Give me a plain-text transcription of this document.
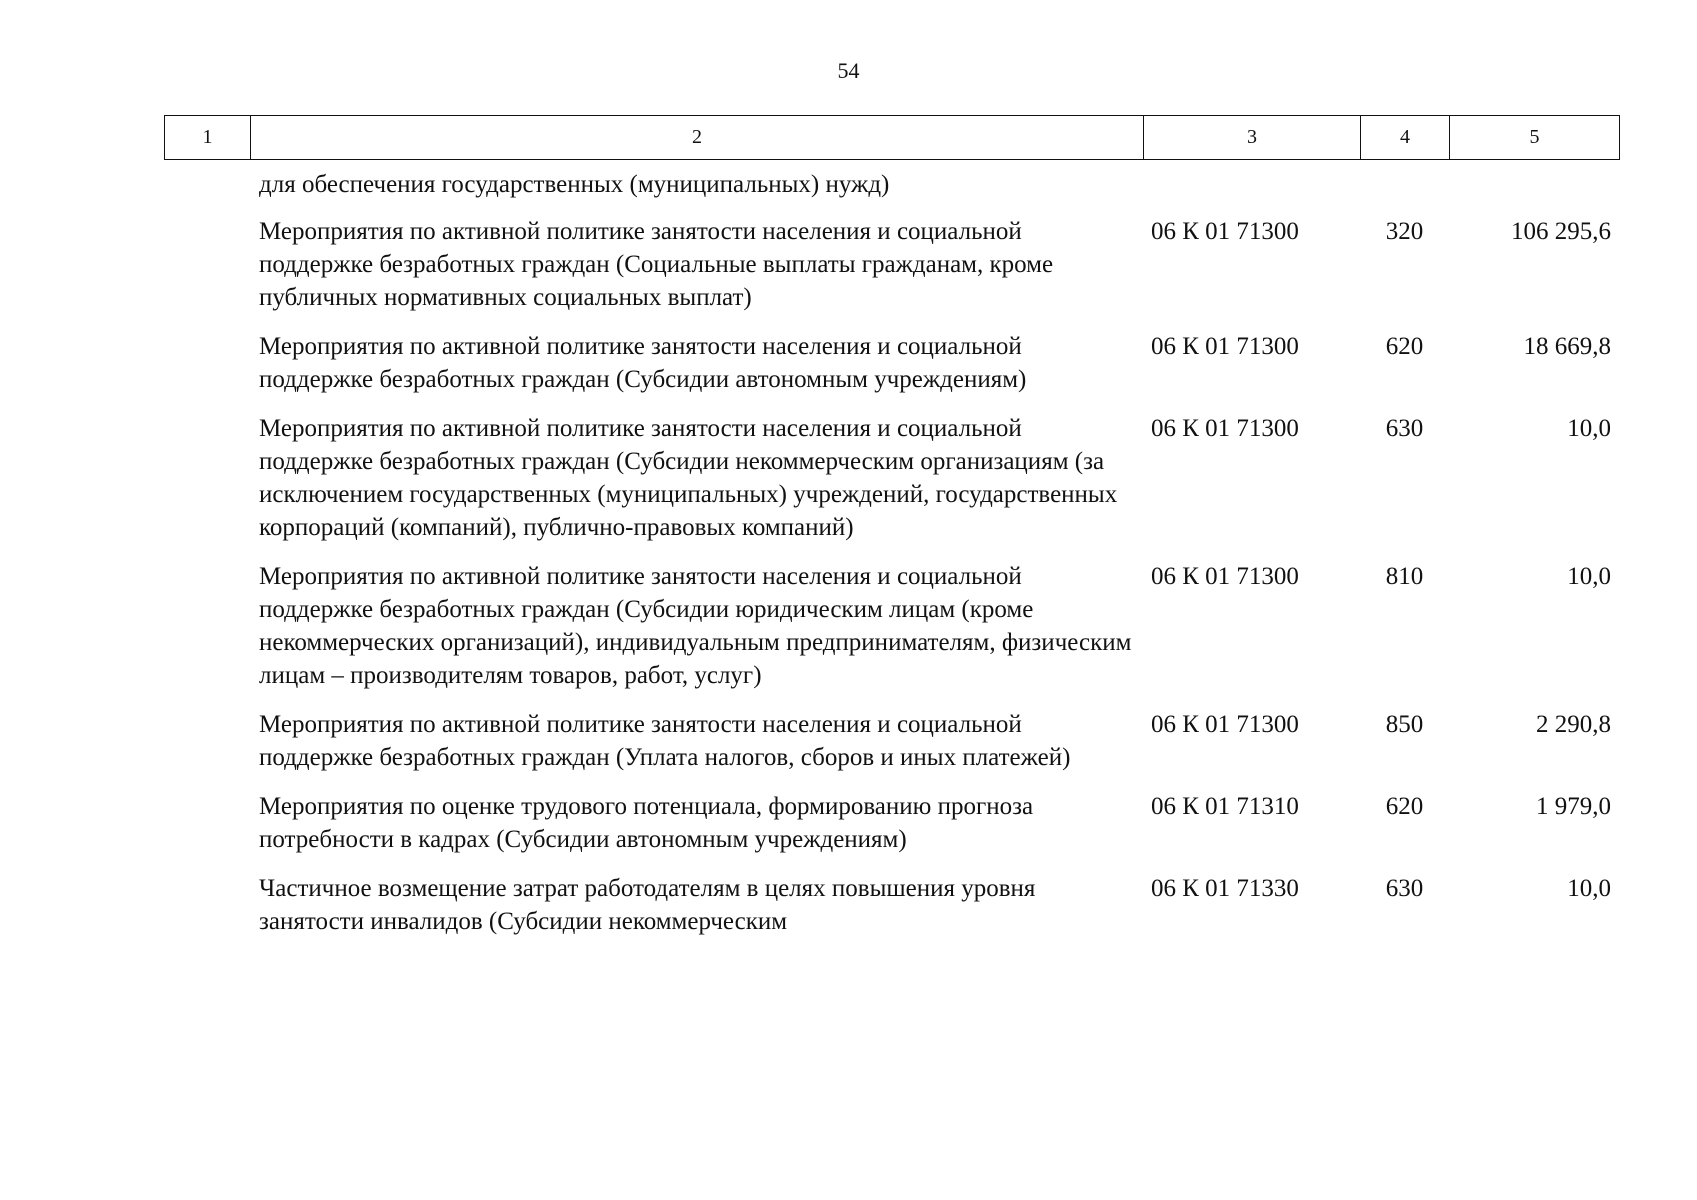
54
1	2	3	4	5
	для обеспечения государственных (муниципальных) нужд)			
	Мероприятия по активной политике занятости населения и социальной поддержке безработных граждан (Социальные выплаты гражданам, кроме публичных нормативных социальных выплат)	06 К 01 71300	320	106 295,6
	Мероприятия по активной политике занятости населения и социальной поддержке безработных граждан (Субсидии автономным учреждениям)	06 К 01 71300	620	18 669,8
	Мероприятия по активной политике занятости населения и социальной поддержке безработных граждан (Субсидии некоммерческим организациям (за исключением государственных (муниципальных) учреждений, государственных корпораций (компаний), публично-правовых компаний)	06 К 01 71300	630	10,0
	Мероприятия по активной политике занятости населения и социальной поддержке безработных граждан (Субсидии юридическим лицам (кроме некоммерческих организаций), индивидуальным предпринимателям, физическим лицам – производителям товаров, работ, услуг)	06 К 01 71300	810	10,0
	Мероприятия по активной политике занятости населения и социальной поддержке безработных граждан (Уплата налогов, сборов и иных платежей)	06 К 01 71300	850	2 290,8
	Мероприятия по оценке трудового потенциала, формированию прогноза потребности в кадрах (Субсидии автономным учреждениям)	06 К 01 71310	620	1 979,0
	Частичное возмещение затрат работодателям в целях повышения уровня занятости инвалидов (Субсидии некоммерческим	06 К 01 71330	630	10,0
